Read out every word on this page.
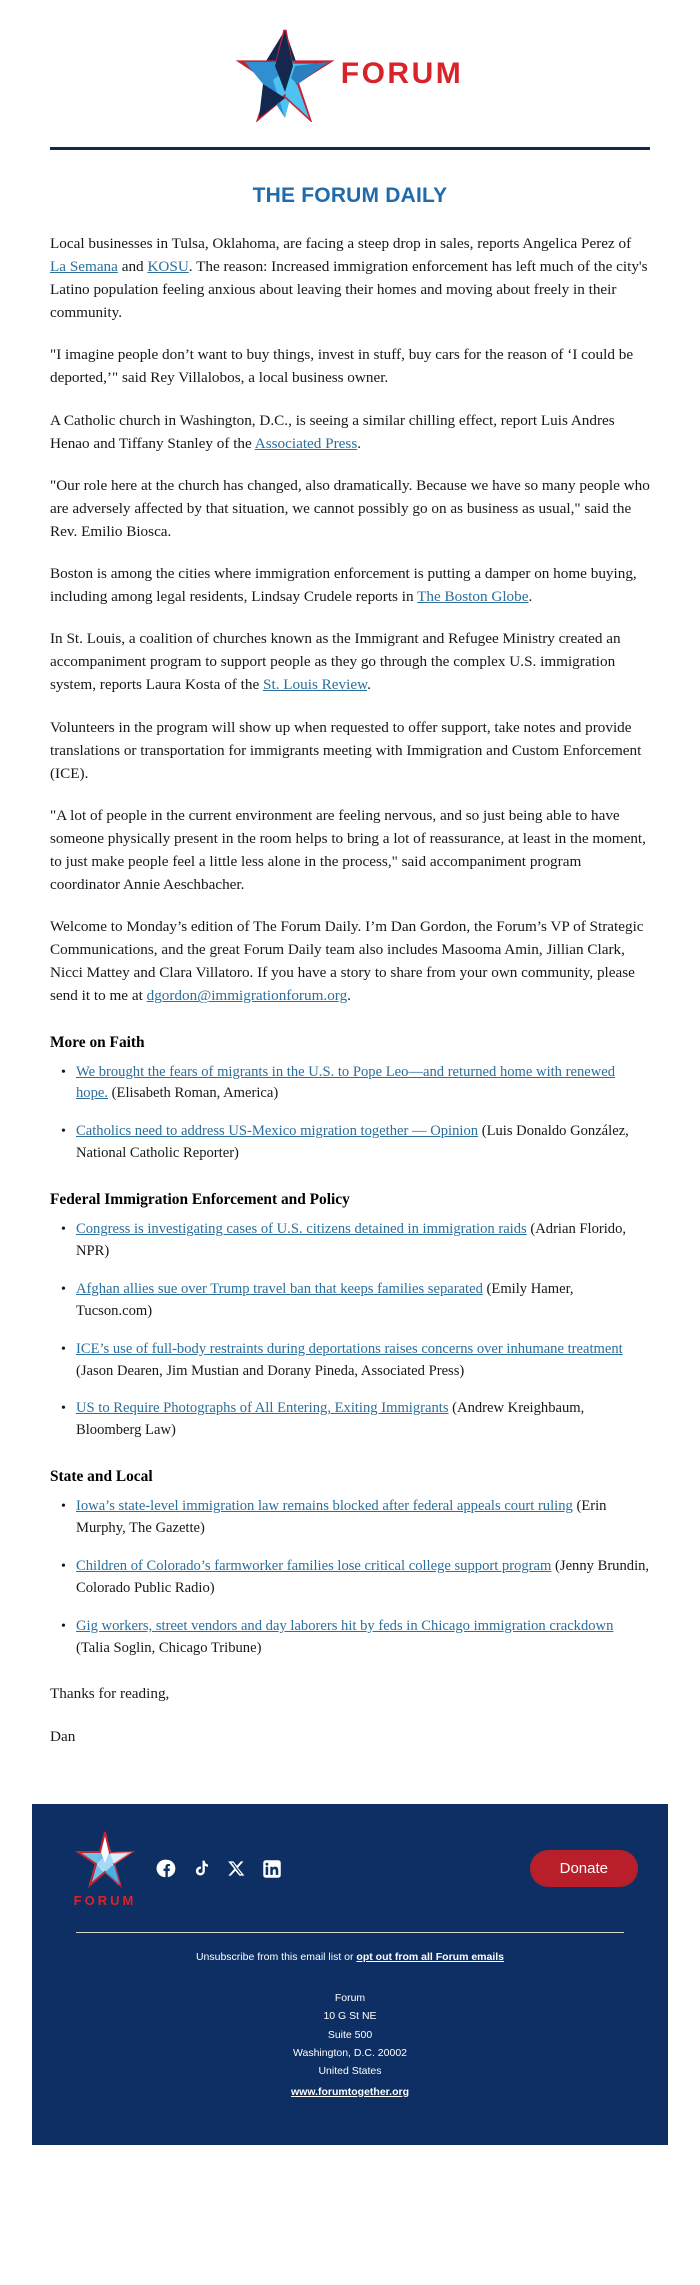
FORUM
THE FORUM DAILY

Local businesses in Tulsa, Oklahoma, are facing a steep drop in sales, reports Angelica Perez of La Semana and KOSU. The reason: Increased immigration enforcement has left much of the city's Latino population feeling anxious about leaving their homes and moving about freely in their community.

"I imagine people don’t want to buy things, invest in stuff, buy cars for the reason of ‘I could be deported,’" said Rey Villalobos, a local business owner.

A Catholic church in Washington, D.C., is seeing a similar chilling effect, report Luis Andres Henao and Tiffany Stanley of the Associated Press.

"Our role here at the church has changed, also dramatically. Because we have so many people who are adversely affected by that situation, we cannot possibly go on as business as usual," said the Rev. Emilio Biosca.

Boston is among the cities where immigration enforcement is putting a damper on home buying, including among legal residents, Lindsay Crudele reports in The Boston Globe.

In St. Louis, a coalition of churches known as the Immigrant and Refugee Ministry created an accompaniment program to support people as they go through the complex U.S. immigration system, reports Laura Kosta of the St. Louis Review.

Volunteers in the program will show up when requested to offer support, take notes and provide translations or transportation for immigrants meeting with Immigration and Custom Enforcement (ICE).

"A lot of people in the current environment are feeling nervous, and so just being able to have someone physically present in the room helps to bring a lot of reassurance, at least in the moment, to just make people feel a little less alone in the process," said accompaniment program coordinator Annie Aeschbacher.

Welcome to Monday’s edition of The Forum Daily. I’m Dan Gordon, the Forum’s VP of Strategic Communications, and the great Forum Daily team also includes Masooma Amin, Jillian Clark, Nicci Mattey and Clara Villatoro. If you have a story to share from your own community, please send it to me at dgordon@immigrationforum.org.

More on Faith
• We brought the fears of migrants in the U.S. to Pope Leo—and returned home with renewed hope. (Elisabeth Roman, America)
• Catholics need to address US-Mexico migration together — Opinion (Luis Donaldo González, National Catholic Reporter)
Federal Immigration Enforcement and Policy
• Congress is investigating cases of U.S. citizens detained in immigration raids (Adrian Florido, NPR)
• Afghan allies sue over Trump travel ban that keeps families separated (Emily Hamer, Tucson.com)
• ICE’s use of full-body restraints during deportations raises concerns over inhumane treatment (Jason Dearen, Jim Mustian and Dorany Pineda, Associated Press)
• US to Require Photographs of All Entering, Exiting Immigrants (Andrew Kreighbaum, Bloomberg Law)
State and Local
• Iowa’s state-level immigration law remains blocked after federal appeals court ruling (Erin Murphy, The Gazette)
• Children of Colorado’s farmworker families lose critical college support program (Jenny Brundin, Colorado Public Radio)
• Gig workers, street vendors and day laborers hit by feds in Chicago immigration crackdown (Talia Soglin, Chicago Tribune)

Thanks for reading,

Dan

FORUM
Donate
Unsubscribe from this email list or opt out from all Forum emails
Forum
10 G St NE
Suite 500
Washington, D.C. 20002
United States
www.forumtogether.org
